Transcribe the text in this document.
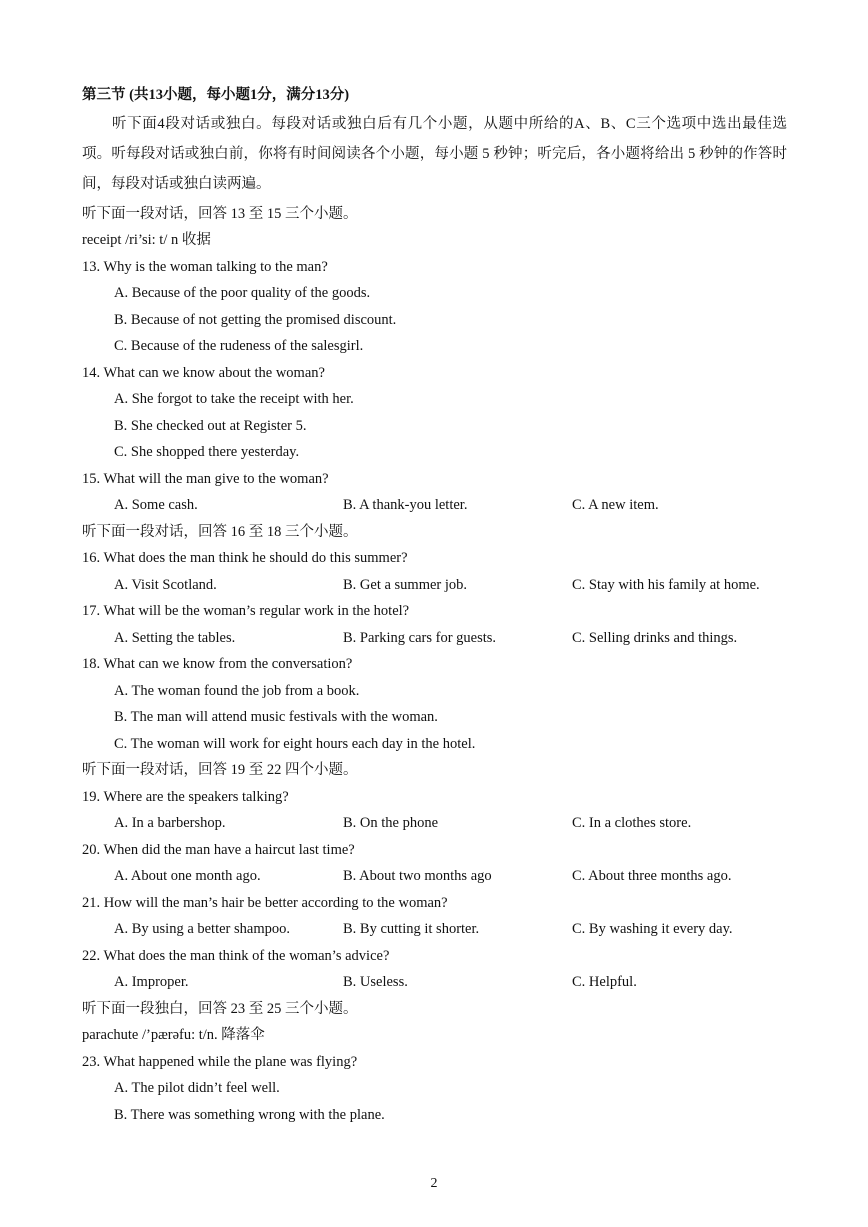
第三节 (共13小题，每小题1分，满分13分)
听下面4段对话或独白。每段对话或独白后有几个小题，从题中所给的A、B、C三个选项中选出最佳选项。听每段对话或独白前，你将有时间阅读各个小题，每小题 5 秒钟；听完后，各小题将给出 5 秒钟的作答时间，每段对话或独白读两遍。
听下面一段对话，回答 13 至 15 三个小题。
receipt /ri’si: t/ n 收据
13. Why is the woman talking to the man?
A. Because of the poor quality of the goods.
B. Because of not getting the promised discount.
C. Because of the rudeness of the salesgirl.
14. What can we know about the woman?
A. She forgot to take the receipt with her.
B. She checked out at Register 5.
C. She shopped there yesterday.
15. What will the man give to the woman?
A. Some cash.	B. A thank-you letter.	C. A new item.
听下面一段对话，回答 16 至 18 三个小题。
16. What does the man think he should do this summer?
A. Visit Scotland.	B. Get a summer job.	C. Stay with his family at home.
17. What will be the woman’s regular work in the hotel?
A. Setting the tables.	B. Parking cars for guests.	C. Selling drinks and things.
18. What can we know from the conversation?
A. The woman found the job from a book.
B. The man will attend music festivals with the woman.
C. The woman will work for eight hours each day in the hotel.
听下面一段对话，回答 19 至 22 四个小题。
19. Where are the speakers talking?
A. In a barbershop.	B. On the phone	C. In a clothes store.
20. When did the man have a haircut last time?
A. About one month ago.	B. About two months ago	C. About three months ago.
21. How will the man’s hair be better according to the woman?
A. By using a better shampoo.	B. By cutting it shorter.	C. By washing it every day.
22. What does the man think of the woman’s advice?
A. Improper.	B. Useless.	C. Helpful.
听下面一段独白，回答 23 至 25 三个小题。
parachute /’pærəfu: t/n. 降落伞
23. What happened while the plane was flying?
A. The pilot didn’t feel well.
B. There was something wrong with the plane.
2
